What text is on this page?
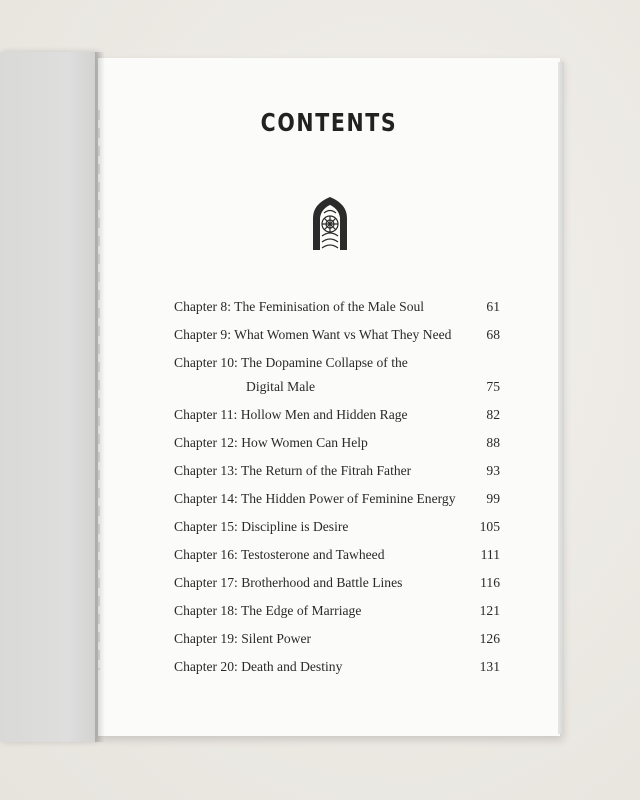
CONTENTS
Chapter 8: The Feminisation of the Male Soul	61
Chapter 9: What Women Want vs What They Need	68
Chapter 10: The Dopamine Collapse of the
Digital Male	75
Chapter 11: Hollow Men and Hidden Rage	82
Chapter 12: How Women Can Help	88
Chapter 13: The Return of the Fitrah Father	93
Chapter 14: The Hidden Power of Feminine Energy 99
Chapter 15: Discipline is Desire	105
Chapter 16: Testosterone and Tawheed	111
Chapter 17: Brotherhood and Battle Lines	116
Chapter 18: The Edge of Marriage	121
Chapter 19: Silent Power	126
Chapter 20: Death and Destiny	131
